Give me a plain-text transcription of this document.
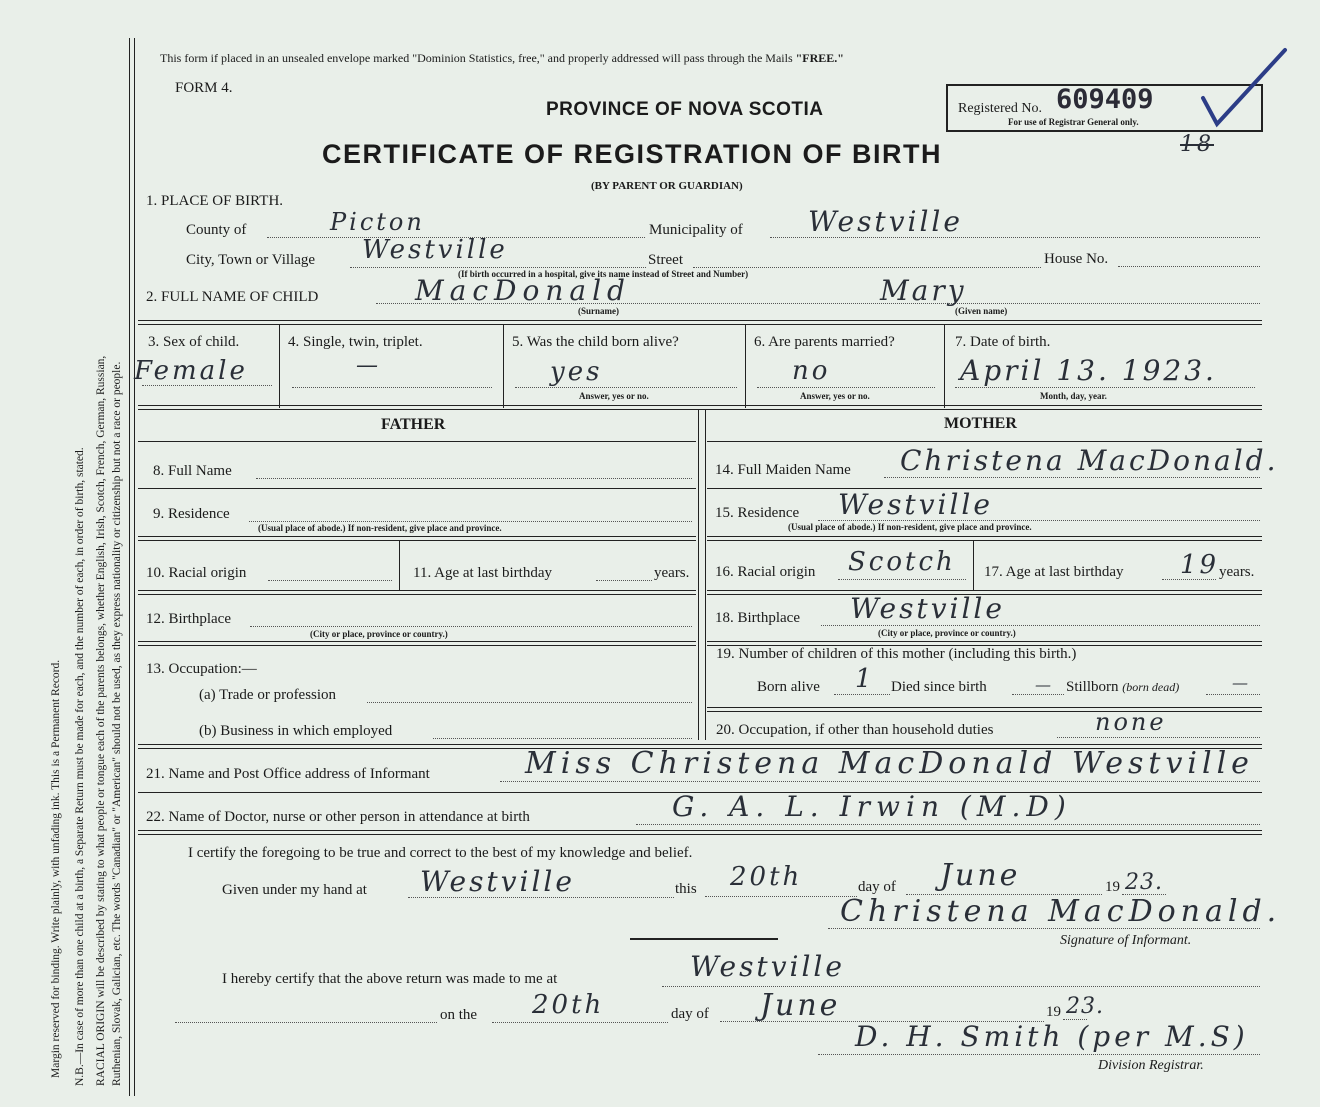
Margin reserved for binding. Write plainly, with unfading ink. This is a Permanent Record. N.B.—In case of more than one child at a birth, a Separate Return must be made for each, and the number of each, in order of birth, stated. RACIAL ORIGIN will be described by stating to what people or tongue each of the parents belongs, whether English, Irish, Scotch, French, German, Russian, Ruthenian, Slovak, Galician, etc. The words "Canadian" or "American" should not be used, as they express nationality or citizenship but not a race or people.
This form if placed in an unsealed envelope marked "Dominion Statistics, free," and properly addressed will pass through the Mails "FREE."
FORM 4.
PROVINCE OF NOVA SCOTIA
CERTIFICATE OF REGISTRATION OF BIRTH
(BY PARENT OR GUARDIAN)
Registered No. 609409
For use of Registrar General only.
18
1. PLACE OF BIRTH.
County of	Picton	Municipality of Westville
City, Town or Village Westville	Street	House No.
(If birth occurred in a hospital, give its name instead of Street and Number)
2. FULL NAME OF CHILD	MacDonald	Mary
(Surname)	(Given name)
3. Sex of child.
Female
4. Single, twin, triplet.
—
5. Was the child born alive?
yes
Answer, yes or no.
6. Are parents married?
no
Answer, yes or no.
7. Date of birth.
April 13. 1923.
Month, day, year.
FATHER	MOTHER
8. Full Name
9. Residence
(Usual place of abode.) If non-resident, give place and province.
10. Racial origin	11. Age at last birthday	years.
12. Birthplace
(City or place, province or country.)
13. Occupation:—
(a) Trade or profession
(b) Business in which employed
14. Full Maiden Name Christena MacDonald.
15. Residence Westville
(Usual place of abode.) If non-resident, give place and province.
16. Racial origin Scotch 17. Age at last birthday 19 years.
18. Birthplace Westville
(City or place, province or country.)
19. Number of children of this mother (including this birth.)
Born alive 1 Died since birth	— Stillborn (born dead)	—
20. Occupation, if other than household duties	none
21. Name and Post Office address of Informant	Miss Christena MacDonald Westville
22. Name of Doctor, nurse or other person in attendance at birth	G. A. L. Irwin (M.D)
I certify the foregoing to be true and correct to the best of my knowledge and belief.
Given under my hand at Westville	this 20th	day of June	19 23.
Christena MacDonald.
Signature of Informant.
I hereby certify that the above return was made to me at	Westville
on the 20th	day of June	19 23.
D. H. Smith (per M.S)
Division Registrar.
